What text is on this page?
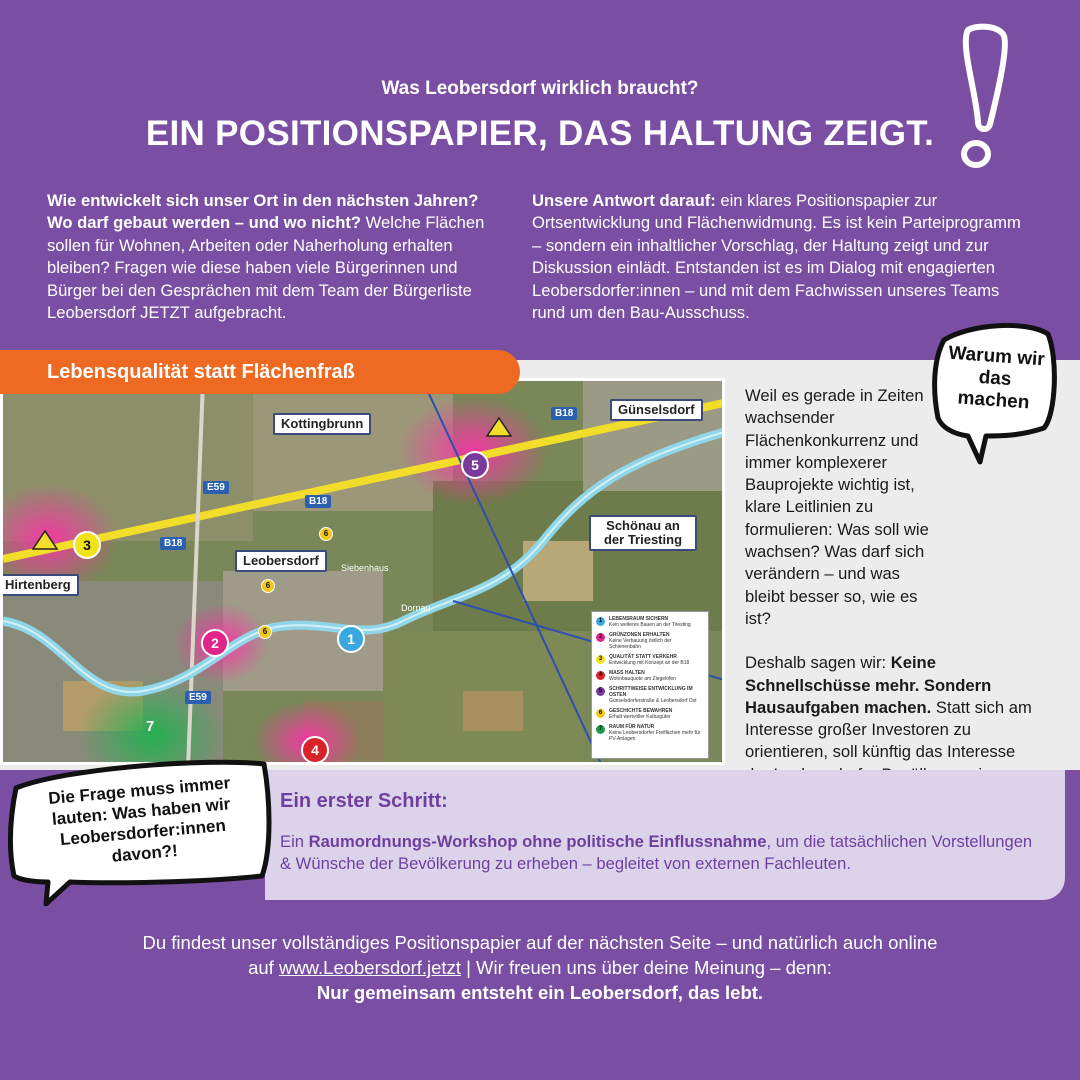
Was Leobersdorf wirklich braucht?
EIN POSITIONSPAPIER, DAS HALTUNG ZEIGT.
Wie entwickelt sich unser Ort in den nächsten Jahren? Wo darf gebaut werden – und wo nicht? Welche Flächen sollen für Wohnen, Arbeiten oder Naherholung erhalten bleiben? Fragen wie diese haben viele Bürgerinnen und Bürger bei den Gesprächen mit dem Team der Bürgerliste Leobersdorf JETZT aufgebracht.
Unsere Antwort darauf: ein klares Positionspapier zur Ortsentwicklung und Flächenwidmung. Es ist kein Parteiprogramm – sondern ein inhaltlicher Vorschlag, der Haltung zeigt und zur Diskussion einlädt. Entstanden ist es im Dialog mit engagierten Leobersdorfer:innen – und mit dem Fachwissen unseres Teams rund um den Bau-Ausschuss.
Kottingbrunn
Günselsdorf
Leobersdorf
Schönau an der Triesting
Hirtenberg
B18
B18
B18
E59
E59
Siebenhaus
Dornau
1
2
3
4
5
6
6
6
7
1	LEBENSRAUM SICHERN
Kein weiteres Bauen an der Triesting
2	GRÜNZONEN ERHALTEN
Keine Verbauung östlich der Schienenbahn
3	QUALITÄT STATT VERKEHR
Entwicklung mit Konzept an der B18
4	MASS HALTEN
Wohnbauquote am Ziegelofen
5	SCHRITTWEISE ENTWICKLUNG IM OSTEN
Günselsdorferstraße & Leobersdorf Ost
6	GESCHICHTE BEWAHREN
Erhalt wertvoller Kulturgüter
7	RAUM FÜR NATUR
Keine Leobersdorfer Freiflächen mehr für PV-Anlagen
Lebensqualität statt Flächenfraß
Weil es gerade in Zeiten wachsender Flächenkonkurrenz und immer komplexerer Bauprojekte wichtig ist, klare Leitlinien zu formulieren: Was soll wie wachsen? Was darf sich verändern – und was bleibt besser so, wie es ist?
Deshalb sagen wir: Keine Schnellschüsse mehr. Sondern Hausaufgaben machen. Statt sich am Interesse großer Investoren zu orientieren, soll künftig das Interesse
Warum wir das machen
Ein erster Schritt:
Ein Raumordnungs-Workshop ohne politische Einflussnahme, um die tatsächlichen Vorstellungen & Wünsche der Bevölkerung zu erheben – begleitet von externen Fachleuten.
Die Frage muss immer lauten: Was haben wir Leobersdorfer:innen davon?!
Du findest unser vollständiges Positionspapier auf der nächsten Seite – und natürlich auch online
auf www.Leobersdorf.jetzt | Wir freuen uns über deine Meinung – denn:
Nur gemeinsam entsteht ein Leobersdorf, das lebt.
